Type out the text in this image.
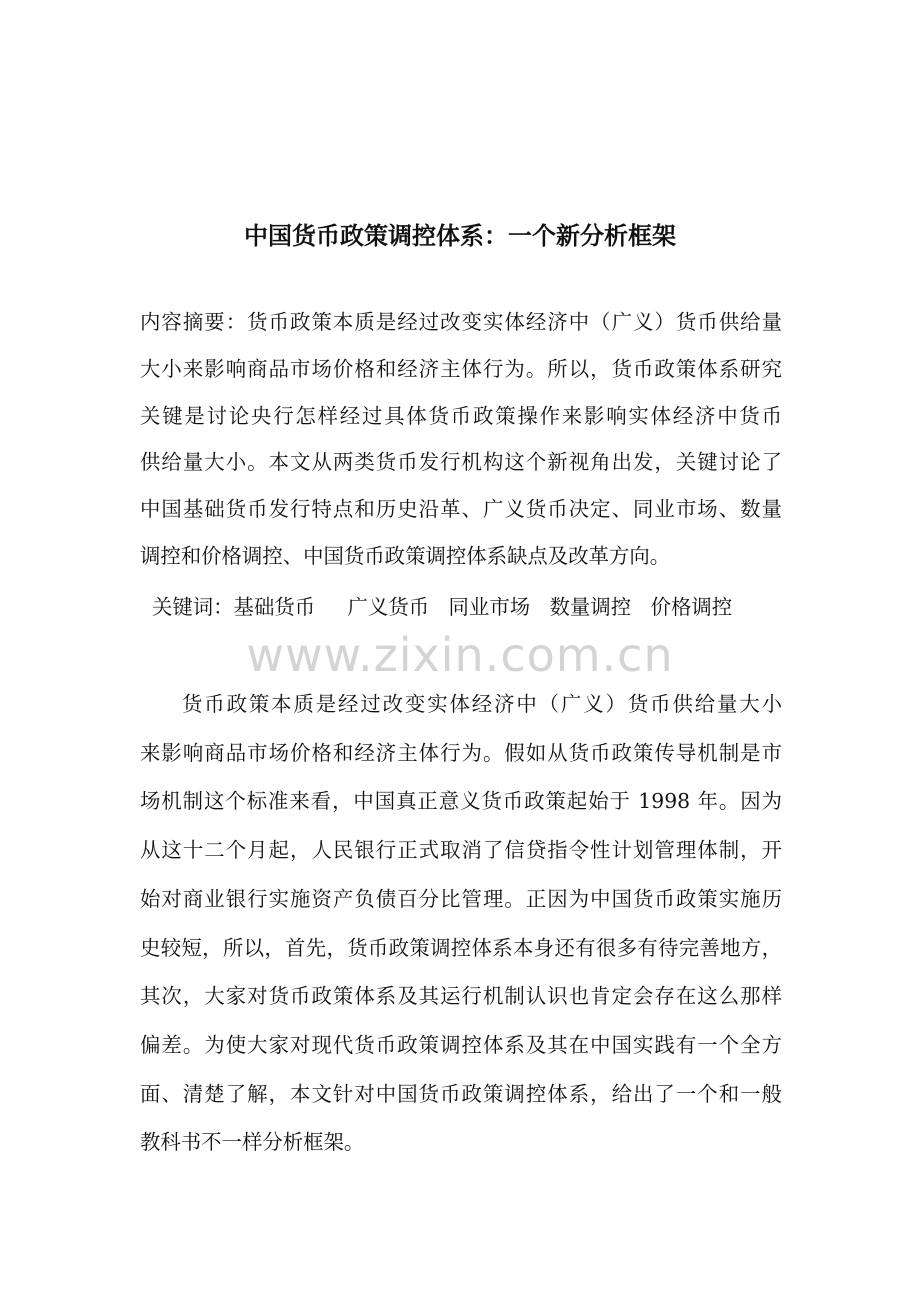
www.zixin.com.cn
中国货币政策调控体系：一个新分析框架
内容摘要：货币政策本质是经过改变实体经济中（广义）货币供给量
大小来影响商品市场价格和经济主体行为。所以，货币政策体系研究
关键是讨论央行怎样经过具体货币政策操作来影响实体经济中货币
供给量大小。本文从两类货币发行机构这个新视角出发，关键讨论了
中国基础货币发行特点和历史沿革、广义货币决定、同业市场、数量
调控和价格调控、中国货币政策调控体系缺点及改革方向。
关键词：基础货币     广义货币   同业市场   数量调控   价格调控
货币政策本质是经过改变实体经济中（广义）货币供给量大小
来影响商品市场价格和经济主体行为。假如从货币政策传导机制是市
场机制这个标准来看，中国真正意义货币政策起始于 1998 年。因为
从这十二个月起，人民银行正式取消了信贷指令性计划管理体制，开
始对商业银行实施资产负债百分比管理。正因为中国货币政策实施历
史较短，所以，首先，货币政策调控体系本身还有很多有待完善地方，
其次，大家对货币政策体系及其运行机制认识也肯定会存在这么那样
偏差。为使大家对现代货币政策调控体系及其在中国实践有一个全方
面、清楚了解，本文针对中国货币政策调控体系，给出了一个和一般
教科书不一样分析框架。
